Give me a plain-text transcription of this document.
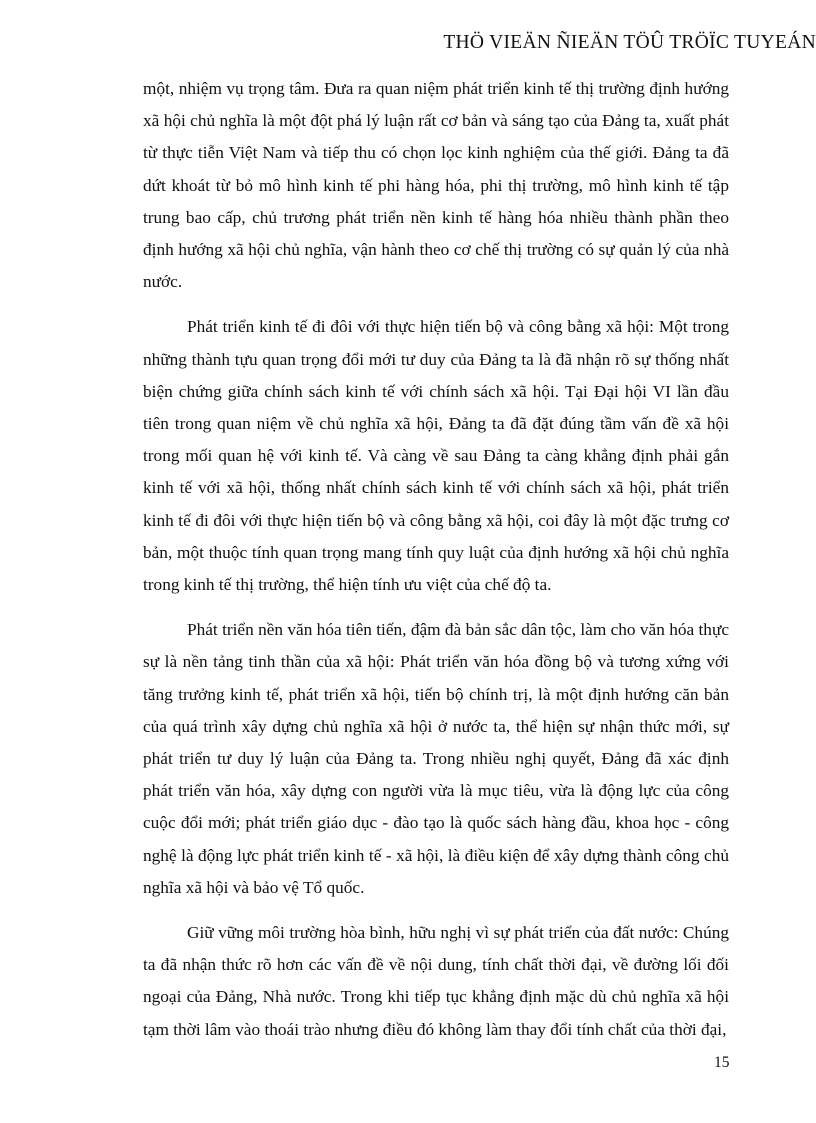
THÖ VIEÄN ÑIEÄN TÖÛ TRÖÏC TUYEÁN

một, nhiệm vụ trọng tâm. Đưa ra quan niệm phát triển kinh tế thị trường định hướng xã hội chủ nghĩa là một đột phá lý luận rất cơ bản và sáng tạo của Đảng ta, xuất phát từ thực tiễn Việt Nam và tiếp thu có chọn lọc kinh nghiệm của thế giới. Đảng ta đã dứt khoát từ bỏ mô hình kinh tế phi hàng hóa, phi thị trường, mô hình kinh tế tập trung bao cấp, chủ trương phát triển nền kinh tế hàng hóa nhiều thành phần theo định hướng xã hội chủ nghĩa, vận hành theo cơ chế thị trường có sự quản lý của nhà nước.

Phát triển kinh tế đi đôi với thực hiện tiến bộ và công bằng xã hội: Một trong những thành tựu quan trọng đổi mới tư duy của Đảng ta là đã nhận rõ sự thống nhất biện chứng giữa chính sách kinh tế với chính sách xã hội. Tại Đại hội VI lần đầu tiên trong quan niệm về chủ nghĩa xã hội, Đảng ta đã đặt đúng tầm vấn đề xã hội trong mối quan hệ với kinh tế. Và càng về sau Đảng ta càng khẳng định phải gắn kinh tế với xã hội, thống nhất chính sách kinh tế với chính sách xã hội, phát triển kinh tế đi đôi với thực hiện tiến bộ và công bằng xã hội, coi đây là một đặc trưng cơ bản, một thuộc tính quan trọng mang tính quy luật của định hướng xã hội chủ nghĩa trong kinh tế thị trường, thể hiện tính ưu việt của chế độ ta.

Phát triển nền văn hóa tiên tiến, đậm đà bản sắc dân tộc, làm cho văn hóa thực sự là nền tảng tinh thần của xã hội: Phát triển văn hóa đồng bộ và tương xứng với tăng trưởng kinh tế, phát triển xã hội, tiến bộ chính trị, là một định hướng căn bản của quá trình xây dựng chủ nghĩa xã hội ở nước ta, thể hiện sự nhận thức mới, sự phát triển tư duy lý luận của Đảng ta. Trong nhiều nghị quyết, Đảng đã xác định phát triển văn hóa, xây dựng con người vừa là mục tiêu, vừa là động lực của công cuộc đổi mới; phát triển giáo dục - đào tạo là quốc sách hàng đầu, khoa học - công nghệ là động lực phát triển kinh tế - xã hội, là điều kiện để xây dựng thành công chủ nghĩa xã hội và bảo vệ Tổ quốc.

Giữ vững môi trường hòa bình, hữu nghị vì sự phát triển của đất nước: Chúng ta đã nhận thức rõ hơn các vấn đề về nội dung, tính chất thời đại, về đường lối đối ngoại của Đảng, Nhà nước. Trong khi tiếp tục khẳng định mặc dù chủ nghĩa xã hội tạm thời lâm vào thoái trào nhưng điều đó không làm thay đổi tính chất của thời đại,

15
